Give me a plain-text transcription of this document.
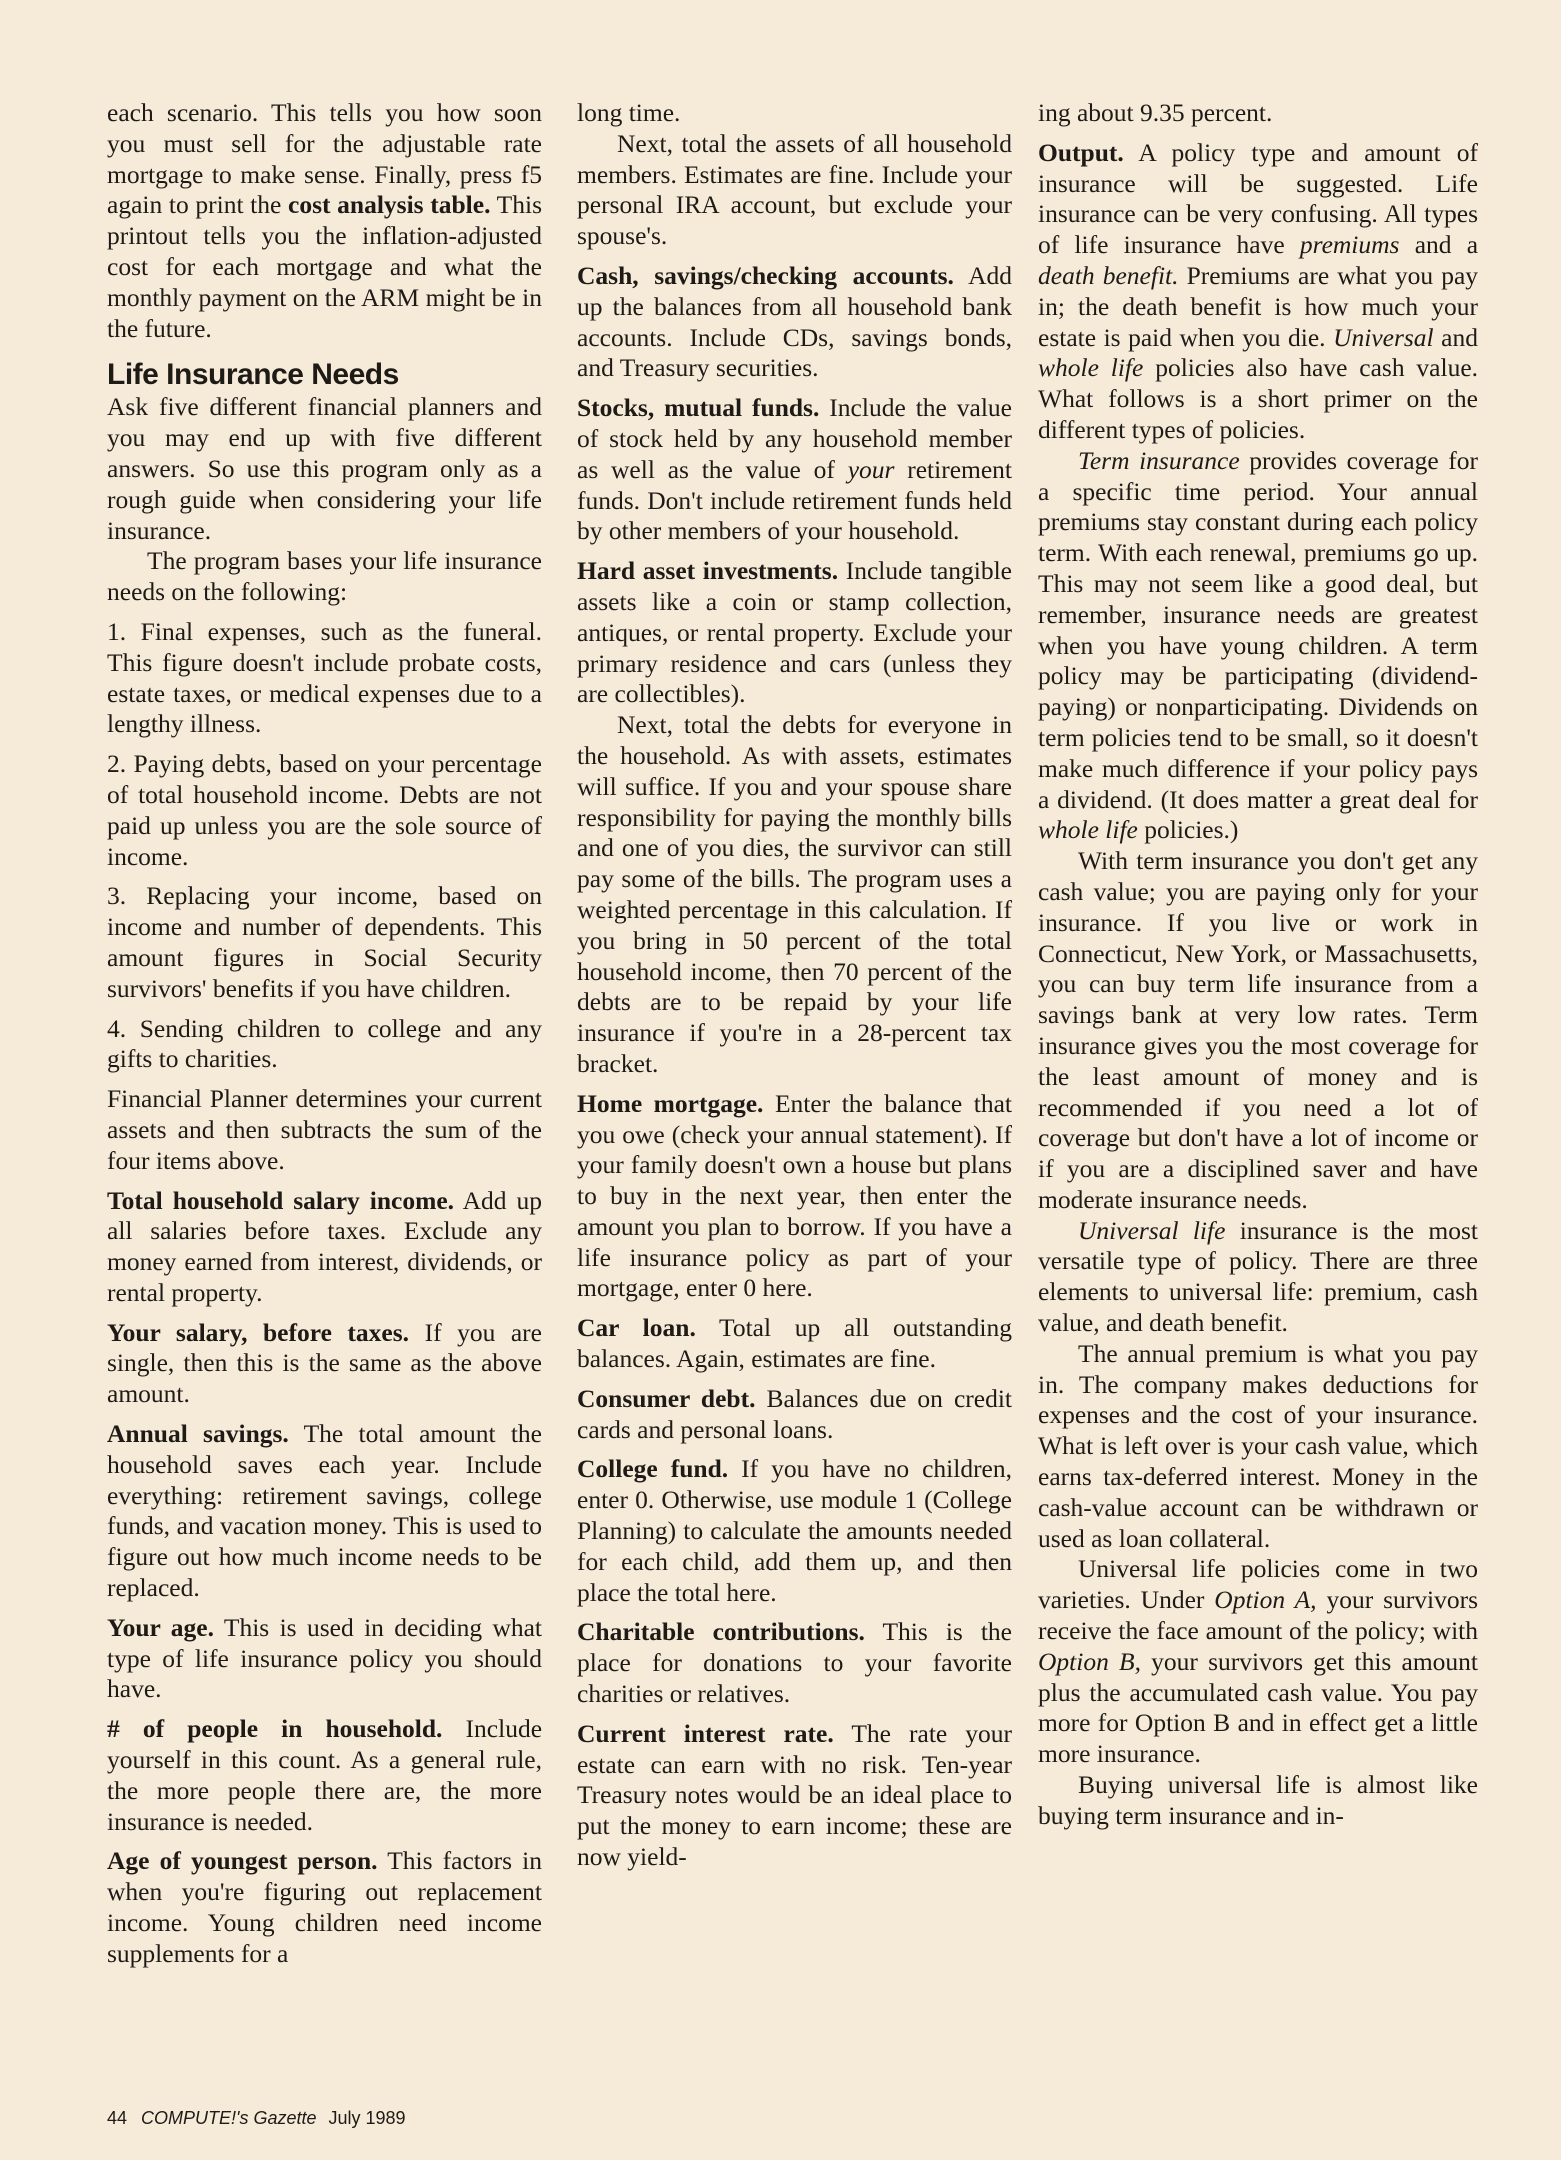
each scenario. This tells you how soon you must sell for the adjustable rate mortgage to make sense. Finally, press f5 again to print the cost analysis table. This printout tells you the inflation-adjusted cost for each mortgage and what the monthly payment on the ARM might be in the future.

Life Insurance Needs

Ask five different financial planners and you may end up with five different answers. So use this program only as a rough guide when considering your life insurance.

The program bases your life insurance needs on the following:

1. Final expenses, such as the funeral. This figure doesn't include probate costs, estate taxes, or medical expenses due to a lengthy illness.

2. Paying debts, based on your percentage of total household income. Debts are not paid up unless you are the sole source of income.

3. Replacing your income, based on income and number of dependents. This amount figures in Social Security survivors' benefits if you have children.

4. Sending children to college and any gifts to charities.

Financial Planner determines your current assets and then subtracts the sum of the four items above.

Total household salary income. Add up all salaries before taxes. Exclude any money earned from interest, dividends, or rental property.

Your salary, before taxes. If you are single, then this is the same as the above amount.

Annual savings. The total amount the household saves each year. Include everything: retirement savings, college funds, and vacation money. This is used to figure out how much income needs to be replaced.

Your age. This is used in deciding what type of life insurance policy you should have.

# of people in household. Include yourself in this count. As a general rule, the more people there are, the more insurance is needed.

Age of youngest person. This factors in when you're figuring out replacement income. Young children need income supplements for a

long time.

Next, total the assets of all household members. Estimates are fine. Include your personal IRA account, but exclude your spouse's.

Cash, savings/checking accounts. Add up the balances from all household bank accounts. Include CDs, savings bonds, and Treasury securities.

Stocks, mutual funds. Include the value of stock held by any household member as well as the value of your retirement funds. Don't include retirement funds held by other members of your household.

Hard asset investments. Include tangible assets like a coin or stamp collection, antiques, or rental property. Exclude your primary residence and cars (unless they are collectibles).

Next, total the debts for everyone in the household. As with assets, estimates will suffice. If you and your spouse share responsibility for paying the monthly bills and one of you dies, the survivor can still pay some of the bills. The program uses a weighted percentage in this calculation. If you bring in 50 percent of the total household income, then 70 percent of the debts are to be repaid by your life insurance if you're in a 28-percent tax bracket.

Home mortgage. Enter the balance that you owe (check your annual statement). If your family doesn't own a house but plans to buy in the next year, then enter the amount you plan to borrow. If you have a life insurance policy as part of your mortgage, enter 0 here.

Car loan. Total up all outstanding balances. Again, estimates are fine.

Consumer debt. Balances due on credit cards and personal loans.

College fund. If you have no children, enter 0. Otherwise, use module 1 (College Planning) to calculate the amounts needed for each child, add them up, and then place the total here.

Charitable contributions. This is the place for donations to your favorite charities or relatives.

Current interest rate. The rate your estate can earn with no risk. Ten-year Treasury notes would be an ideal place to put the money to earn income; these are now yield-

ing about 9.35 percent.

Output. A policy type and amount of insurance will be suggested. Life insurance can be very confusing. All types of life insurance have premiums and a death benefit. Premiums are what you pay in; the death benefit is how much your estate is paid when you die. Universal and whole life policies also have cash value. What follows is a short primer on the different types of policies.

Term insurance provides coverage for a specific time period. Your annual premiums stay constant during each policy term. With each renewal, premiums go up. This may not seem like a good deal, but remember, insurance needs are greatest when you have young children. A term policy may be participating (dividend-paying) or nonparticipating. Dividends on term policies tend to be small, so it doesn't make much difference if your policy pays a dividend. (It does matter a great deal for whole life policies.)

With term insurance you don't get any cash value; you are paying only for your insurance. If you live or work in Connecticut, New York, or Massachusetts, you can buy term life insurance from a savings bank at very low rates. Term insurance gives you the most coverage for the least amount of money and is recommended if you need a lot of coverage but don't have a lot of income or if you are a disciplined saver and have moderate insurance needs.

Universal life insurance is the most versatile type of policy. There are three elements to universal life: premium, cash value, and death benefit.

The annual premium is what you pay in. The company makes deductions for expenses and the cost of your insurance. What is left over is your cash value, which earns tax-deferred interest. Money in the cash-value account can be withdrawn or used as loan collateral.

Universal life policies come in two varieties. Under Option A, your survivors receive the face amount of the policy; with Option B, your survivors get this amount plus the accumulated cash value. You pay more for Option B and in effect get a little more insurance.

Buying universal life is almost like buying term insurance and in-

44 COMPUTE!'s Gazette July 1989
